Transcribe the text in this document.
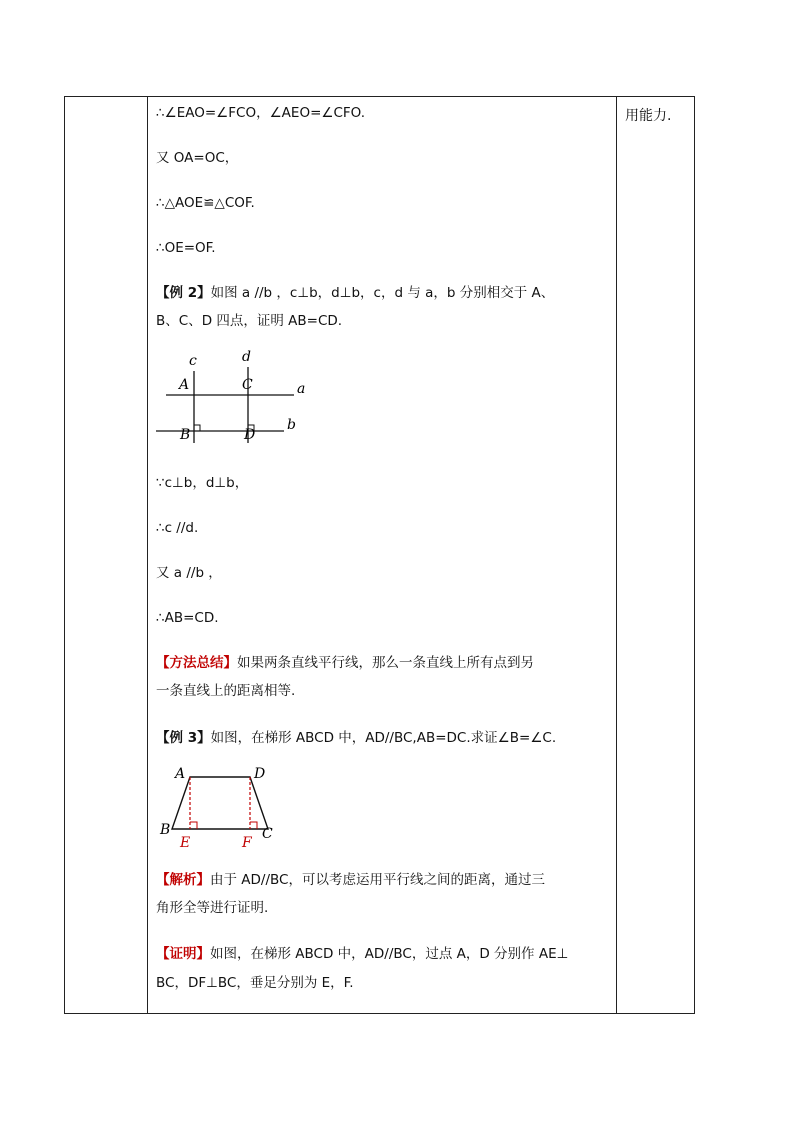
用能力.
∴∠EAO=∠FCO，∠AEO=∠CFO.
又 OA=OC，
∴△AOE≌△COF.
∴OE=OF.
【例 2】如图 a //b ，c⊥b，d⊥b，c，d 与 a，b 分别相交于 A、
B、C、D 四点，证明 AB=CD.
c	d
a
b
A	C
B	D
∵c⊥b，d⊥b，
∴c //d.
又 a //b ，
∴AB=CD.
【方法总结】如果两条直线平行线，那么一条直线上所有点到另
一条直线上的距离相等.
【例 3】如图，在梯形 ABCD 中，AD//BC,AB=DC.求证∠B=∠C.
A	D
B	C
E	F
【解析】由于 AD//BC，可以考虑运用平行线之间的距离，通过三
角形全等进行证明.
【证明】如图，在梯形 ABCD 中，AD//BC，过点 A，D 分别作 AE⊥
BC，DF⊥BC，垂足分别为 E，F.
